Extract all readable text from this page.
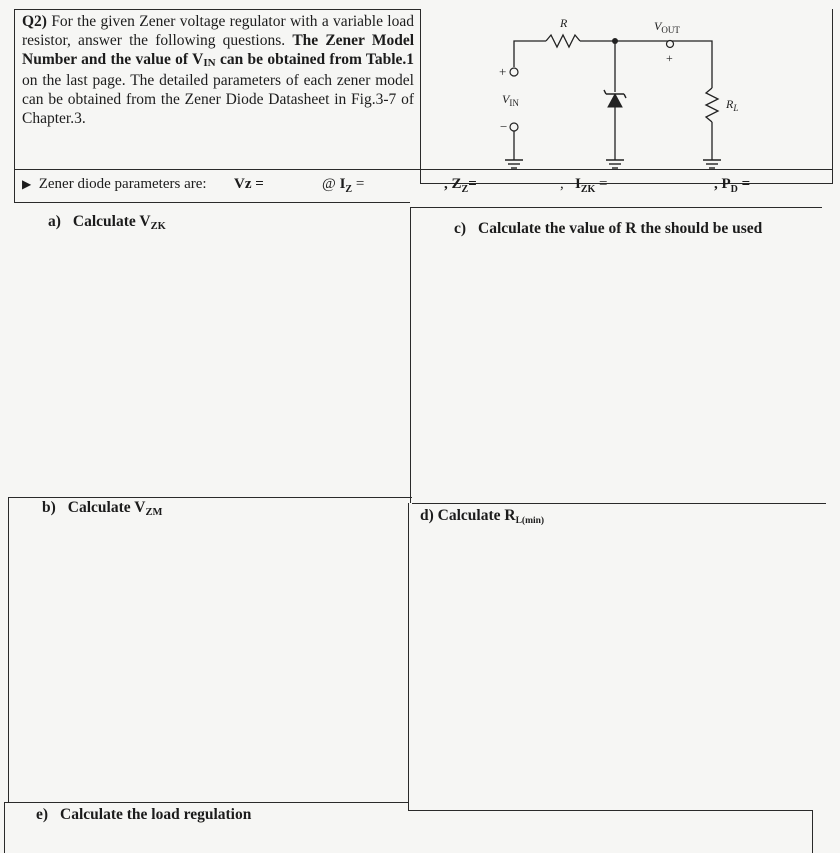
Q2) For the given Zener voltage regulator with a variable load resistor, answer the following questions. The Zener Model Number and the value of $V_{IN}$ can be obtained from Table.1 on the last page. The detailed parameters of each zener model can be obtained from the Zener Diode Datasheet in Fig.3-7 of Chapter.3.
R	$V_{OUT}$
+
+
$V_{IN}$
−
$R_L$
▶ Zener diode parameters are: Vz =	@ $I_Z$ =	, $Z_Z=$	, $I_{ZK}$ =	, $P_D$ =
a) Calculate $V_{ZK}$	c) Calculate the value of R the should be used
b) Calculate $V_{ZM}$	d) Calculate $R_{L(min)}$
e) Calculate the load regulation
